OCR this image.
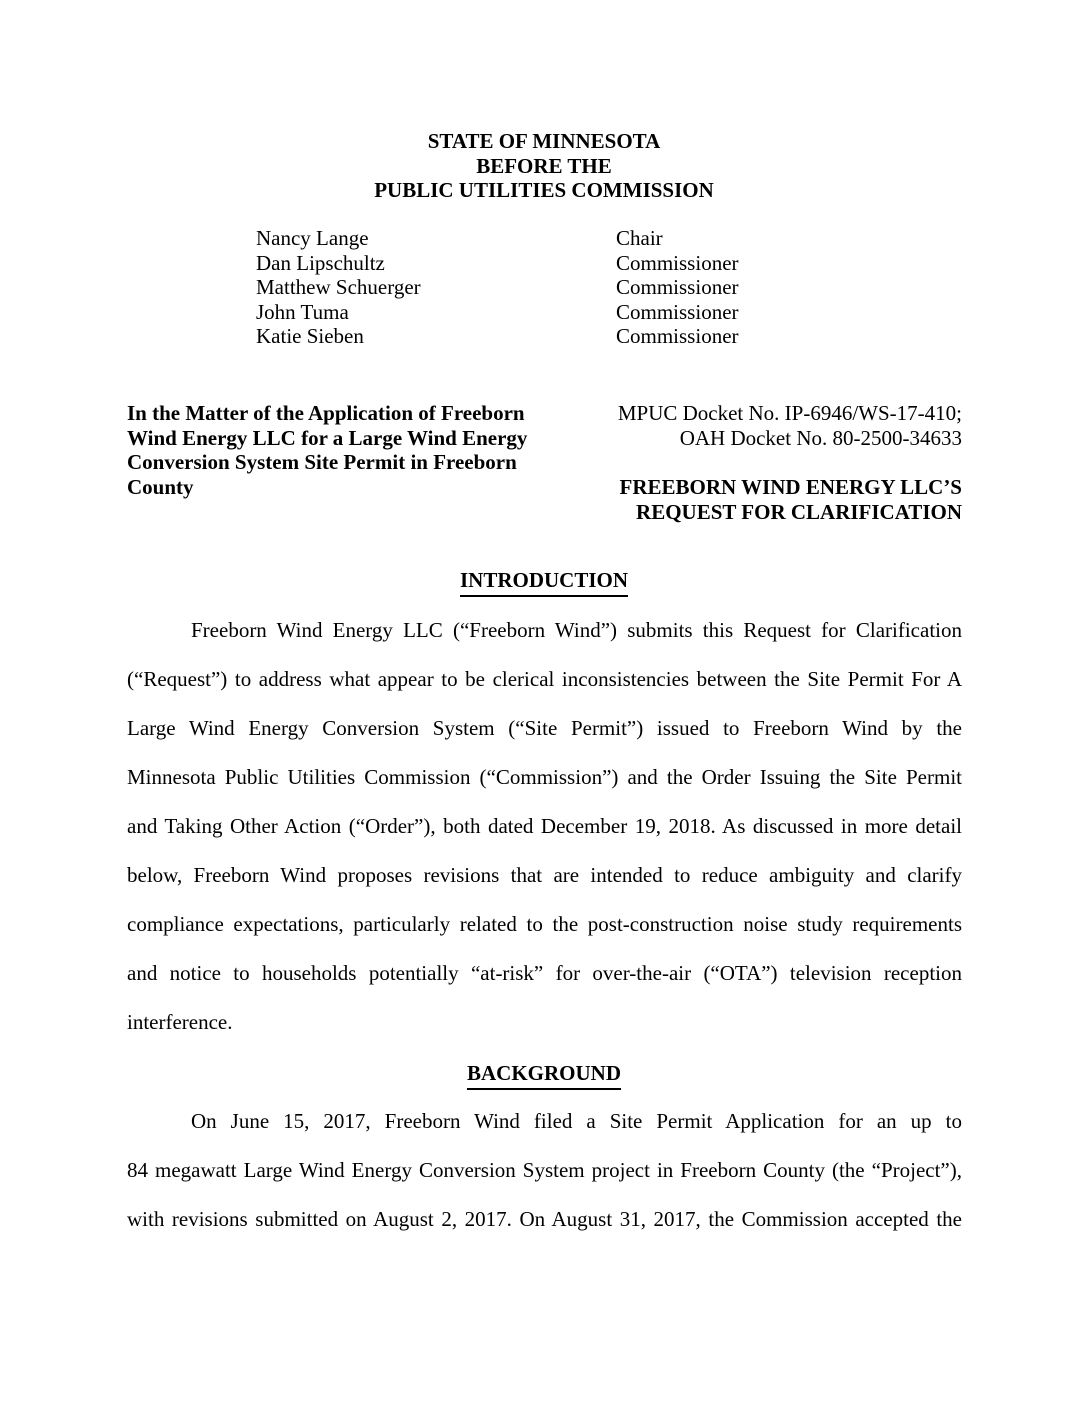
STATE OF MINNESOTA
BEFORE THE
PUBLIC UTILITIES COMMISSION
Nancy Lange	Chair
Dan Lipschultz	Commissioner
Matthew Schuerger	Commissioner
John Tuma	Commissioner
Katie Sieben	Commissioner
In the Matter of the Application of Freeborn
Wind Energy LLC for a Large Wind Energy
Conversion System Site Permit in Freeborn
County
MPUC Docket No. IP-6946/WS-17-410;
OAH Docket No. 80-2500-34633
FREEBORN WIND ENERGY LLC’S
REQUEST FOR CLARIFICATION
INTRODUCTION
Freeborn Wind Energy LLC (“Freeborn Wind”) submits this Request for Clarification
(“Request”) to address what appear to be clerical inconsistencies between the Site Permit For A
Large Wind Energy Conversion System (“Site Permit”) issued to Freeborn Wind by the
Minnesota Public Utilities Commission (“Commission”) and the Order Issuing the Site Permit
and Taking Other Action (“Order”), both dated December 19, 2018. As discussed in more detail
below, Freeborn Wind proposes revisions that are intended to reduce ambiguity and clarify
compliance expectations, particularly related to the post-construction noise study requirements
and notice to households potentially “at-risk” for over-the-air (“OTA”) television reception
interference.
BACKGROUND
On June 15, 2017, Freeborn Wind filed a Site Permit Application for an up to
84 megawatt Large Wind Energy Conversion System project in Freeborn County (the “Project”),
with revisions submitted on August 2, 2017. On August 31, 2017, the Commission accepted the
